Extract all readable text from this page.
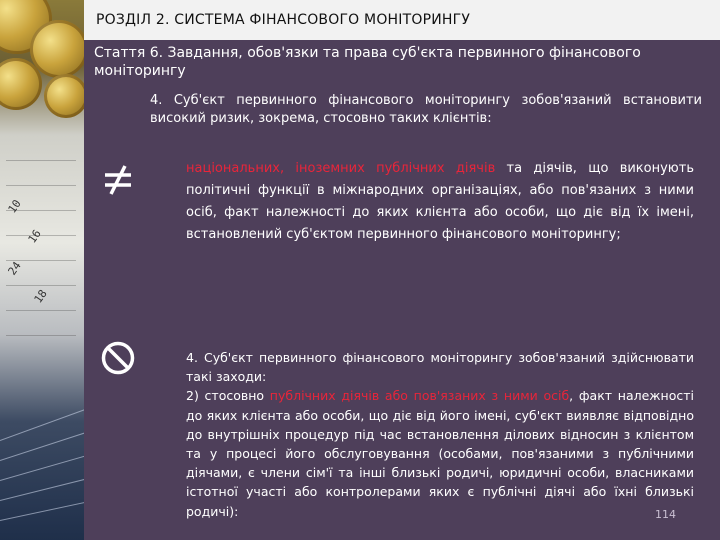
10
16
24
18
РОЗДІЛ 2. СИСТЕМА ФІНАНСОВОГО МОНІТОРИНГУ
Стаття 6. Завдання, обов'язки та права суб'єкта первинного фінансового моніторингу
4. Суб'єкт первинного фінансового моніторингу зобов'язаний встановити високий ризик, зокрема, стосовно таких клієнтів:
національних, іноземних публічних діячів та діячів, що виконують політичні функції в міжнародних організаціях, або пов'язаних з ними осіб, факт належності до яких клієнта або особи, що діє від їх імені, встановлений суб'єктом первинного фінансового моніторингу;
4. Суб'єкт первинного фінансового моніторингу зобов'язаний здійснювати такі заходи:
2) стосовно публічних діячів або пов'язаних з ними осіб, факт належності до яких клієнта або особи, що діє від його імені, суб'єкт виявляє відповідно до внутрішніх процедур під час встановлення ділових відносин з клієнтом та у процесі його обслуговування (особами, пов'язаними з публічними діячами, є члени сім'ї та інші близькі родичі, юридичні особи, власниками істотної участі або контролерами яких є публічні діячі або їхні близькі родичі):	114
